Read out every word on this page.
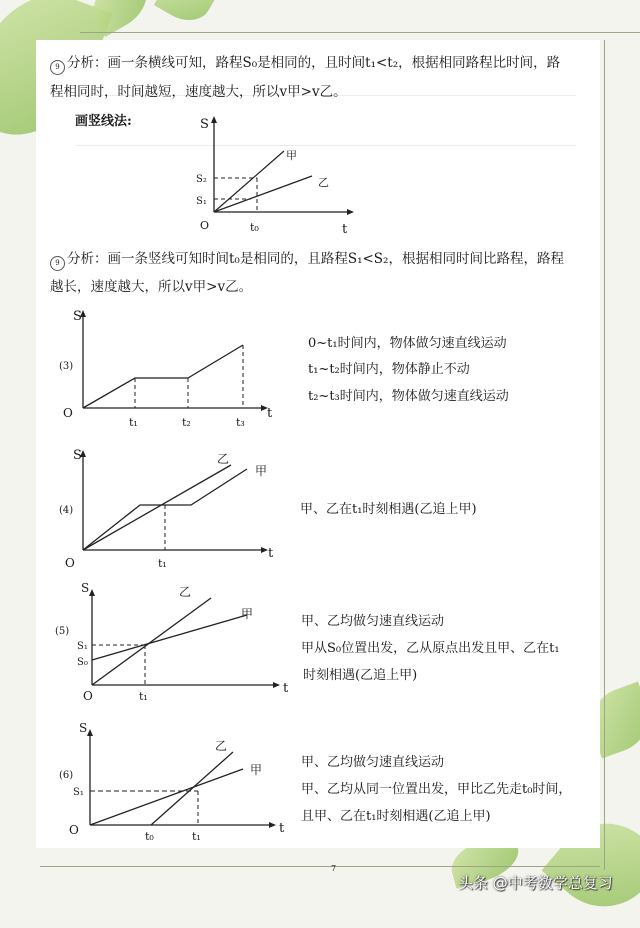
9 分析：画一条横线可知，路程S₀是相同的，且时间t₁<t₂，根据相同路程比时间，路
程相同时，时间越短，速度越大，所以v甲>v乙。
画竖线法:	S
t
O
S₂
S₁
t₀
甲
乙
9 分析：画一条竖线可知时间t₀是相同的，且路程S₁<S₂，根据相同时间比路程，路程
越长，速度越大，所以v甲>v乙。
S
t
O
(3)
t₁	t₂	t₃
0~t₁时间内，物体做匀速直线运动
t₁~t₂时间内，物体静止不动
t₂~t₃时间内，物体做匀速直线运动
S
t
O
(4)
t₁
乙
甲
甲、乙在t₁时刻相遇(乙追上甲)
S
t
O
(5)
S₁
S₀
t₁
乙
甲	甲、乙均做匀速直线运动
甲从S₀位置出发，乙从原点出发且甲、乙在t₁
时刻相遇(乙追上甲)
S
t
O
(6)
S₁
t₀	t₁
乙
甲	甲、乙均做匀速直线运动
甲、乙均从同一位置出发，甲比乙先走t₀时间，
且甲、乙在t₁时刻相遇(乙追上甲)
7
头条 @中考数学总复习
